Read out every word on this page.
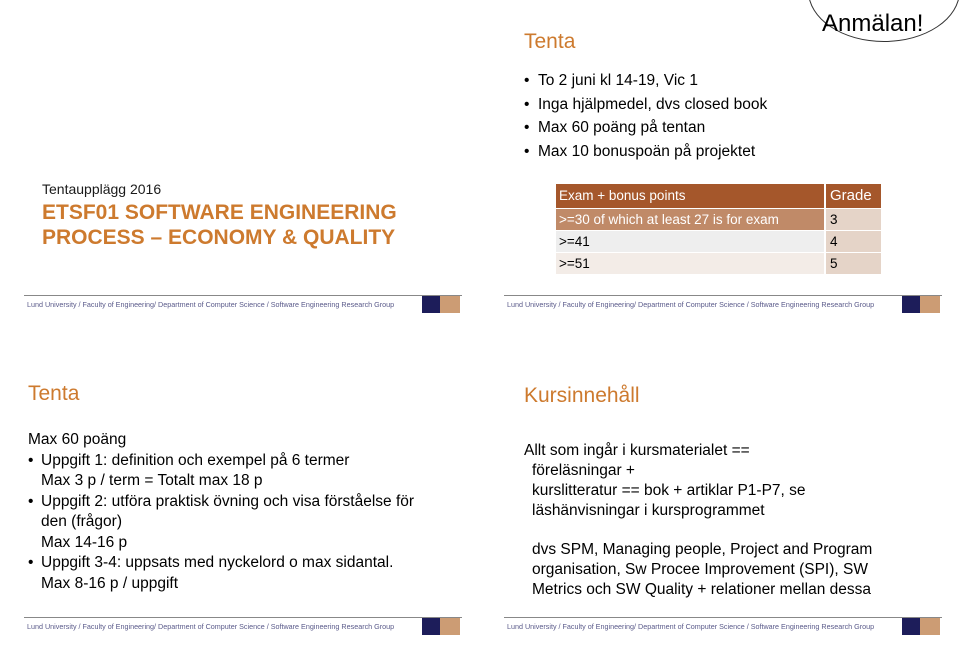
Tentaupplägg 2016
ETSF01 SOFTWARE ENGINEERING
PROCESS – ECONOMY & QUALITY
Lund University / Faculty of Engineering/ Department of Computer Science / Software Engineering Research Group
Tenta
Lund University / Faculty of Engineering/ Department of Computer Science / Software Engineering Research Group
Anmälan!
• To 2 juni kl 14-19, Vic 1
• Inga hjälpmedel, dvs closed book
• Max 60 poäng på tentan
• Max 10 bonuspoän på projektet
Exam + bonus points	Grade
>=30 of which at least 27 is for exam	3
>=41	4
>=51	5
Tenta
Max 60 poäng
• Uppgift 1: definition och exempel på 6 termer
Max 3 p / term = Totalt max 18 p
• Uppgift 2: utföra praktisk övning och visa förståelse för
den (frågor)
Max 14-16 p
• Uppgift 3-4: uppsats med nyckelord o max sidantal.
Max 8-16 p / uppgift
Lund University / Faculty of Engineering/ Department of Computer Science / Software Engineering Research Group
Kursinnehåll
Allt som ingår i kursmaterialet ==
föreläsningar +
kurslitteratur == bok + artiklar P1-P7, se
läshänvisningar i kursprogrammet
dvs SPM, Managing people, Project and Program
organisation, Sw Procee Improvement (SPI), SW
Metrics och SW Quality + relationer mellan dessa
Lund University / Faculty of Engineering/ Department of Computer Science / Software Engineering Research Group
